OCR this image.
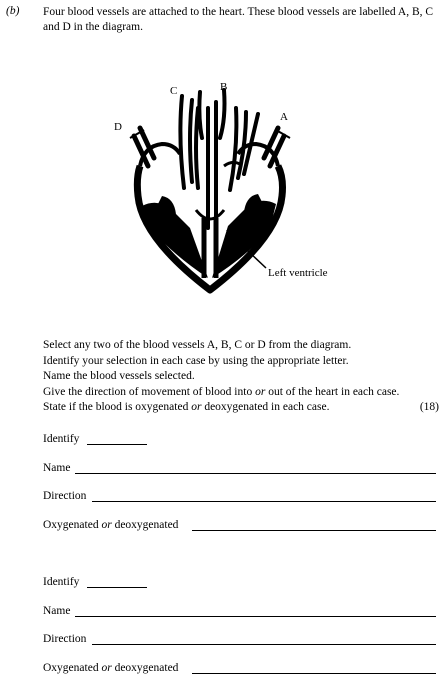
(b) Four blood vessels are attached to the heart. These blood vessels are labelled A, B, C and D in the diagram.
D
C	B
A
Left ventricle
Select any two of the blood vessels A, B, C or D from the diagram.
Identify your selection in each case by using the appropriate letter.
Name the blood vessels selected.
Give the direction of movement of blood into or out of the heart in each case.
State if the blood is oxygenated or deoxygenated in each case.	(18)
Identify
Name
Direction
Oxygenated or deoxygenated
Identify
Name
Direction
Oxygenated or deoxygenated
